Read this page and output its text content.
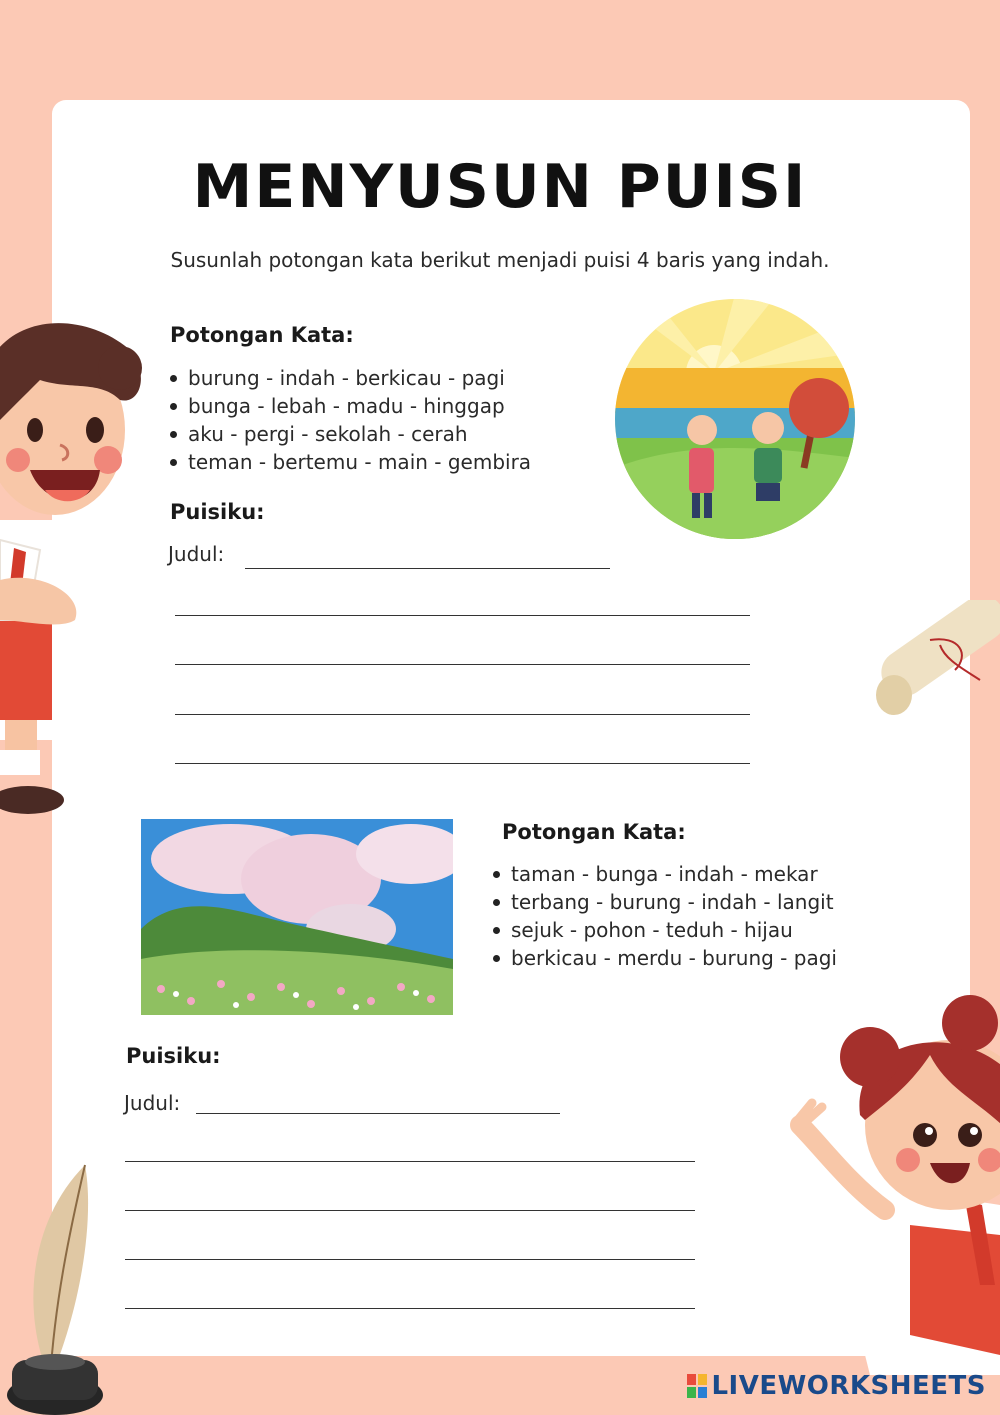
MENYUSUN PUISI
Susunlah potongan kata berikut menjadi puisi 4 baris yang indah.
Potongan Kata:
burung - indah - berkicau - pagi
bunga - lebah - madu - hinggap
aku - pergi - sekolah - cerah
teman - bertemu - main - gembira
Puisiku:
Judul:
Potongan Kata:
taman - bunga - indah - mekar
terbang - burung - indah - langit
sejuk - pohon - teduh - hijau
berkicau - merdu - burung - pagi
Puisiku:
Judul:
LIVEWORKSHEETS
